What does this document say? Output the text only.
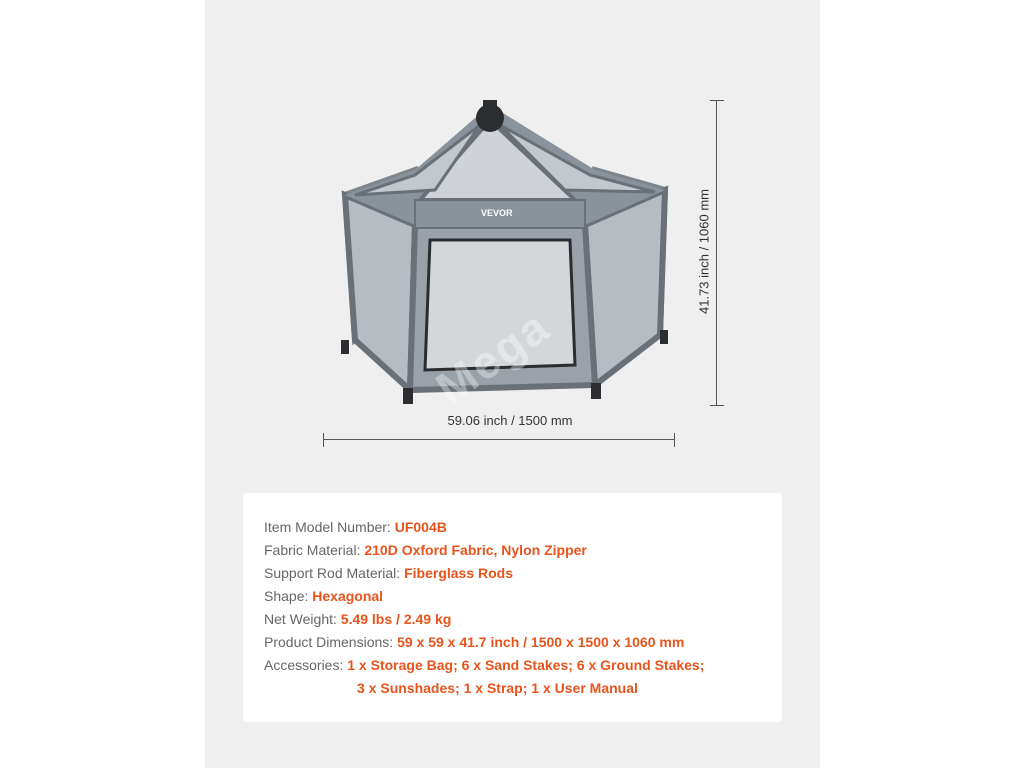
VEVOR
Mega
41.73 inch / 1060 mm
59.06 inch / 1500 mm
Item Model Number: UF004B
Fabric Material: 210D Oxford Fabric, Nylon Zipper
Support Rod Material: Fiberglass Rods
Shape: Hexagonal
Net Weight: 5.49 lbs / 2.49 kg
Product Dimensions: 59 x 59 x 41.7 inch / 1500 x 1500 x 1060 mm
Accessories: 1 x Storage Bag; 6 x Sand Stakes; 6 x Ground Stakes;
3 x Sunshades; 1 x Strap; 1 x User Manual
